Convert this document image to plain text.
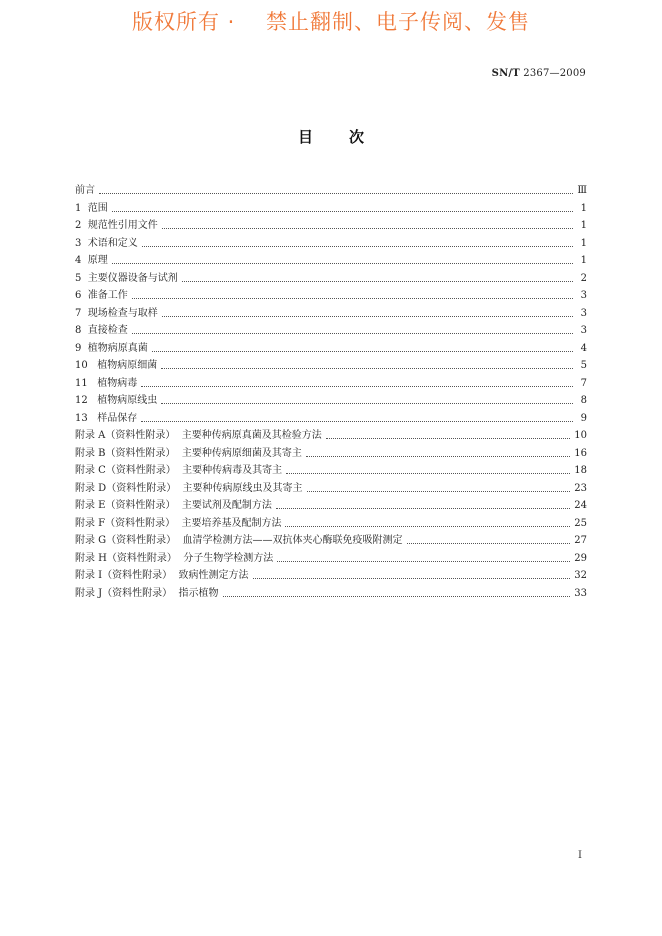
版权所有 ·    禁止翻制、电子传阅、发售
SN/T 2367—2009
目次
前言	Ⅲ
1  范围	1
2  规范性引用文件	1
3  术语和定义	1
4  原理	1
5  主要仪器设备与试剂	2
6  准备工作	3
7  现场检查与取样	3
8  直接检查	3
9  植物病原真菌	4
10   植物病原细菌	5
11   植物病毒	7
12   植物病原线虫	8
13   样品保存	9
附录 A（资料性附录）  主要种传病原真菌及其检验方法	10
附录 B（资料性附录）  主要种传病原细菌及其寄主	16
附录 C（资料性附录）  主要种传病毒及其寄主	18
附录 D（资料性附录）  主要种传病原线虫及其寄主	23
附录 E（资料性附录）  主要试剂及配制方法	24
附录 F（资料性附录）  主要培养基及配制方法	25
附录 G（资料性附录）  血清学检测方法——双抗体夹心酶联免疫吸附测定	27
附录 H（资料性附录）  分子生物学检测方法	29
附录 I（资料性附录）  致病性测定方法	32
附录 J（资料性附录）  指示植物	33
I
